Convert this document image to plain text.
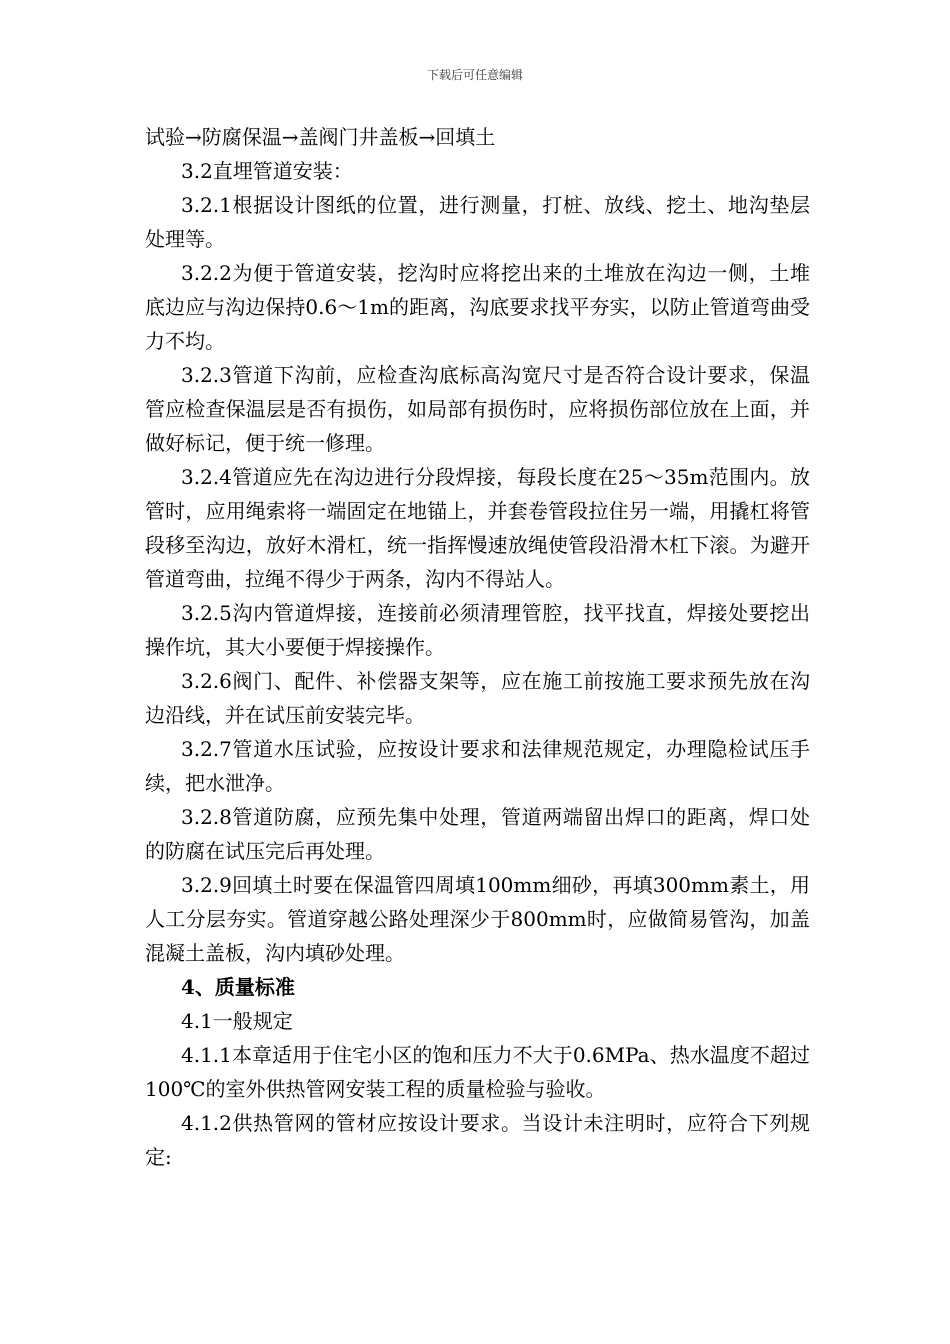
下载后可任意编辑

试验→防腐保温→盖阀门井盖板→回填土

3.2直埋管道安装：

3.2.1根据设计图纸的位置，进行测量，打桩、放线、挖土、地沟垫层处理等。

3.2.2为便于管道安装，挖沟时应将挖出来的土堆放在沟边一侧，土堆底边应与沟边保持0.6～1m的距离，沟底要求找平夯实，以防止管道弯曲受力不均。

3.2.3管道下沟前，应检查沟底标高沟宽尺寸是否符合设计要求，保温管应检查保温层是否有损伤，如局部有损伤时，应将损伤部位放在上面，并做好标记，便于统一修理。

3.2.4管道应先在沟边进行分段焊接，每段长度在25～35m范围内。放管时，应用绳索将一端固定在地锚上，并套卷管段拉住另一端，用撬杠将管段移至沟边，放好木滑杠，统一指挥慢速放绳使管段沿滑木杠下滚。为避开管道弯曲，拉绳不得少于两条，沟内不得站人。

3.2.5沟内管道焊接，连接前必须清理管腔，找平找直，焊接处要挖出操作坑，其大小要便于焊接操作。

3.2.6阀门、配件、补偿器支架等，应在施工前按施工要求预先放在沟边沿线，并在试压前安装完毕。

3.2.7管道水压试验，应按设计要求和法律规范规定，办理隐检试压手续，把水泄净。

3.2.8管道防腐，应预先集中处理，管道两端留出焊口的距离，焊口处的防腐在试压完后再处理。

3.2.9回填土时要在保温管四周填100mm细砂，再填300mm素土，用人工分层夯实。管道穿越公路处理深少于800mm时，应做简易管沟，加盖混凝土盖板，沟内填砂处理。

4、质量标准

4.1一般规定

4.1.1本章适用于住宅小区的饱和压力不大于0.6MPa、热水温度不超过100℃的室外供热管网安装工程的质量检验与验收。

4.1.2供热管网的管材应按设计要求。当设计未注明时，应符合下列规定:
